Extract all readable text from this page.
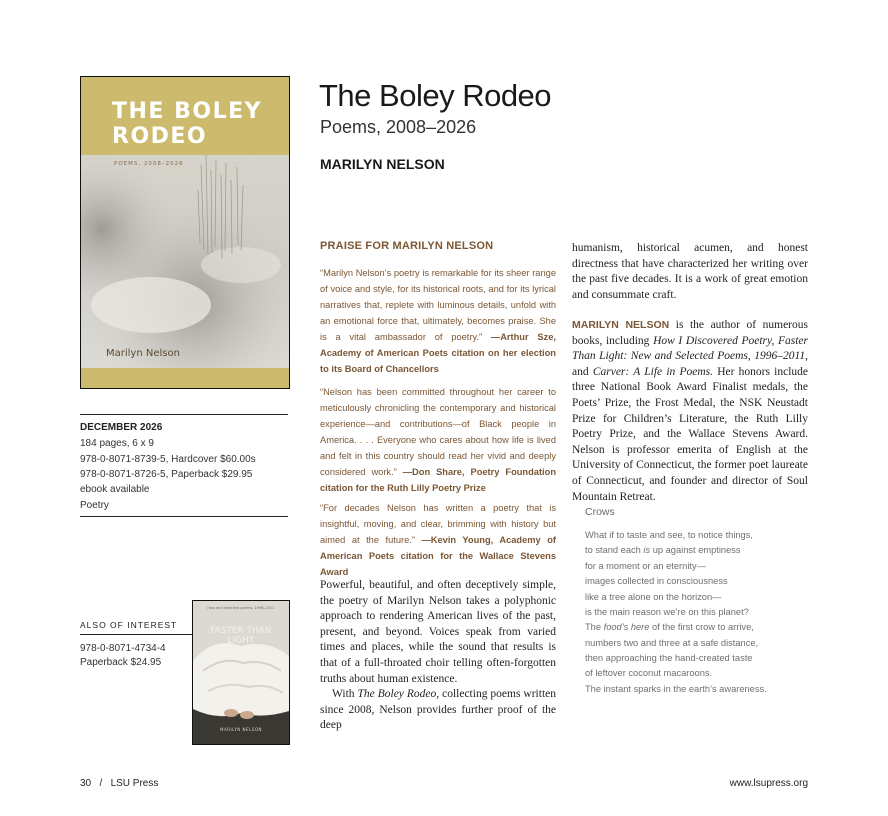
THE BOLEY
RODEO
POEMS, 2008–2026
Marilyn Nelson
DECEMBER 2026
184 pages, 6 x 9
978-0-8071-8739-5, Hardcover $60.00s
978-0-8071-8726-5, Paperback $29.95
ebook available
Poetry
ALSO OF INTEREST
978-0-8071-4734-4
Paperback $24.95
new and selected poems, 1996–2011
FASTER THAN LIGHT
MARILYN NELSON
The Boley Rodeo
Poems, 2008–2026
MARILYN NELSON
PRAISE FOR MARILYN NELSON

“Marilyn Nelson’s poetry is remarkable for its sheer range of voice and style, for its historical roots, and for its lyrical narratives that, replete with luminous details, unfold with an emotional force that, ultimately, becomes praise. She is a vital ambassador of poetry.” —Arthur Sze, Academy of American Poets citation on her election to its Board of Chancellors

“Nelson has been committed throughout her career to meticulously chronicling the contemporary and historical experience—and contributions—of Black people in America. . . . Everyone who cares about how life is lived and felt in this country should read her vivid and deeply considered work.” —Don Share, Poetry Foundation citation for the Ruth Lilly Poetry Prize

“For decades Nelson has written a poetry that is insightful, moving, and clear, brimming with history but aimed at the future.” —Kevin Young, Academy of American Poets citation for the Wallace Stevens Award

Powerful, beautiful, and often deceptively simple, the poetry of Marilyn Nelson takes a polyphonic approach to rendering American lives of the past, present, and beyond. Voices speak from varied times and places, while the sound that results is that of a full-throated choir telling often-forgotten truths about human existence.

With The Boley Rodeo, collecting poems written since 2008, Nelson provides further proof of the deep

humanism, historical acumen, and honest directness that have characterized her writing over the past five decades. It is a work of great emotion and consummate craft.

MARILYN NELSON is the author of numerous books, including How I Discovered Poetry, Faster Than Light: New and Selected Poems, 1996–2011, and Carver: A Life in Poems. Her honors include three National Book Award Finalist medals, the Poets’ Prize, the Frost Medal, the NSK Neustadt Prize for Children’s Literature, the Ruth Lilly Poetry Prize, and the Wallace Stevens Award. Nelson is professor emerita of English at the University of Connecticut, the former poet laureate of Connecticut, and founder and director of Soul Mountain Retreat.

Crows
What if to taste and see, to notice things,
to stand each is up against emptiness
for a moment or an eternity—
images collected in consciousness
like a tree alone on the horizon—
is the main reason we’re on this planet?
The food’s here of the first crow to arrive,
numbers two and three at a safe distance,
then approaching the hand-created taste
of leftover coconut macaroons.
The instant sparks in the earth’s awareness.
30   /   LSU Press	www.lsupress.org
